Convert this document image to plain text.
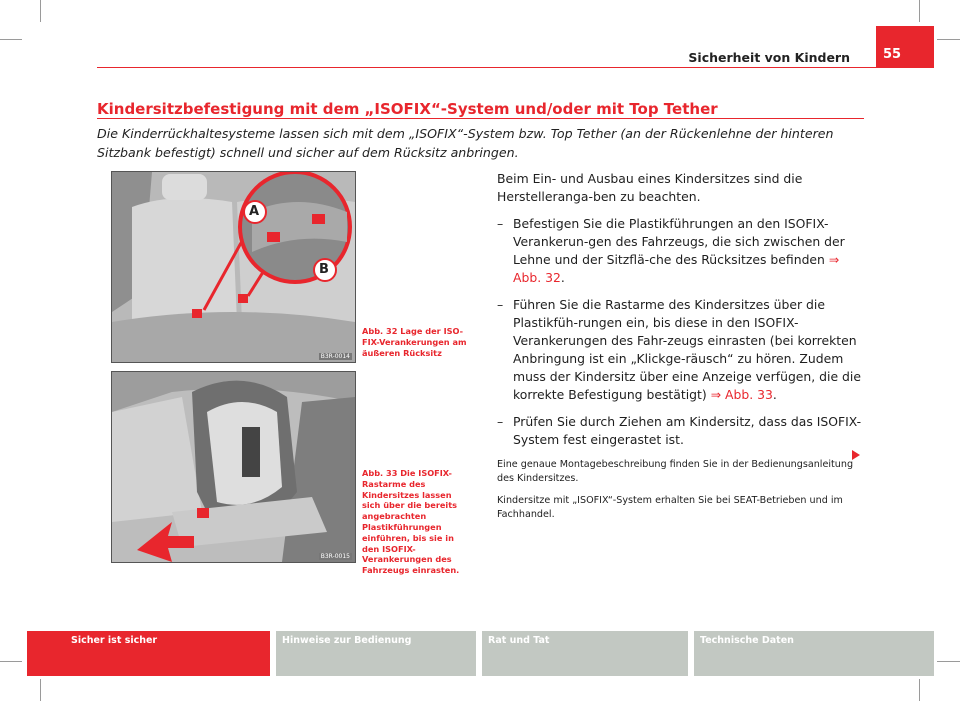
Sicherheit von Kindern	55
Kindersitzbefestigung mit dem „ISOFIX“-System und/oder mit Top Tether
Die Kinderrückhaltesysteme lassen sich mit dem „ISOFIX“-System bzw. Top Tether (an der Rückenlehne der hinteren Sitzbank befestigt) schnell und sicher auf dem Rücksitz anbringen.
A
B
B3R-0014
Abb. 32 Lage der ISO-FIX-Verankerungen am äußeren Rücksitz
B3R-0015
Abb. 33 Die ISOFIX-Rastarme des Kindersitzes lassen sich über die bereits angebrachten Plastikführungen einführen, bis sie in den ISOFIX-Verankerungen des Fahrzeugs einrasten.

Beim Ein- und Ausbau eines Kindersitzes sind die Herstelleranga-ben zu beachten.

– Befestigen Sie die Plastikführungen an den ISOFIX-Verankerun-gen des Fahrzeugs, die sich zwischen der Lehne und der Sitzflä-che des Rücksitzes befinden ⇒ Abb. 32.
– Führen Sie die Rastarme des Kindersitzes über die Plastikfüh-rungen ein, bis diese in den ISOFIX-Verankerungen des Fahr-zeugs einrasten (bei korrekten Anbringung ist ein „Klickge-räusch“ zu hören. Zudem muss der Kindersitz über eine Anzeige verfügen, die die korrekte Befestigung bestätigt) ⇒ Abb. 33.
– Prüfen Sie durch Ziehen am Kindersitz, dass das ISOFIX-System fest eingerastet ist.

Eine genaue Montagebeschreibung finden Sie in der Bedienungsanleitung des Kindersitzes.

Kindersitze mit „ISOFIX“-System erhalten Sie bei SEAT-Betrieben und im Fachhandel.

Sicher ist sicher	Hinweise zur Bedienung	Rat und Tat	Technische Daten
